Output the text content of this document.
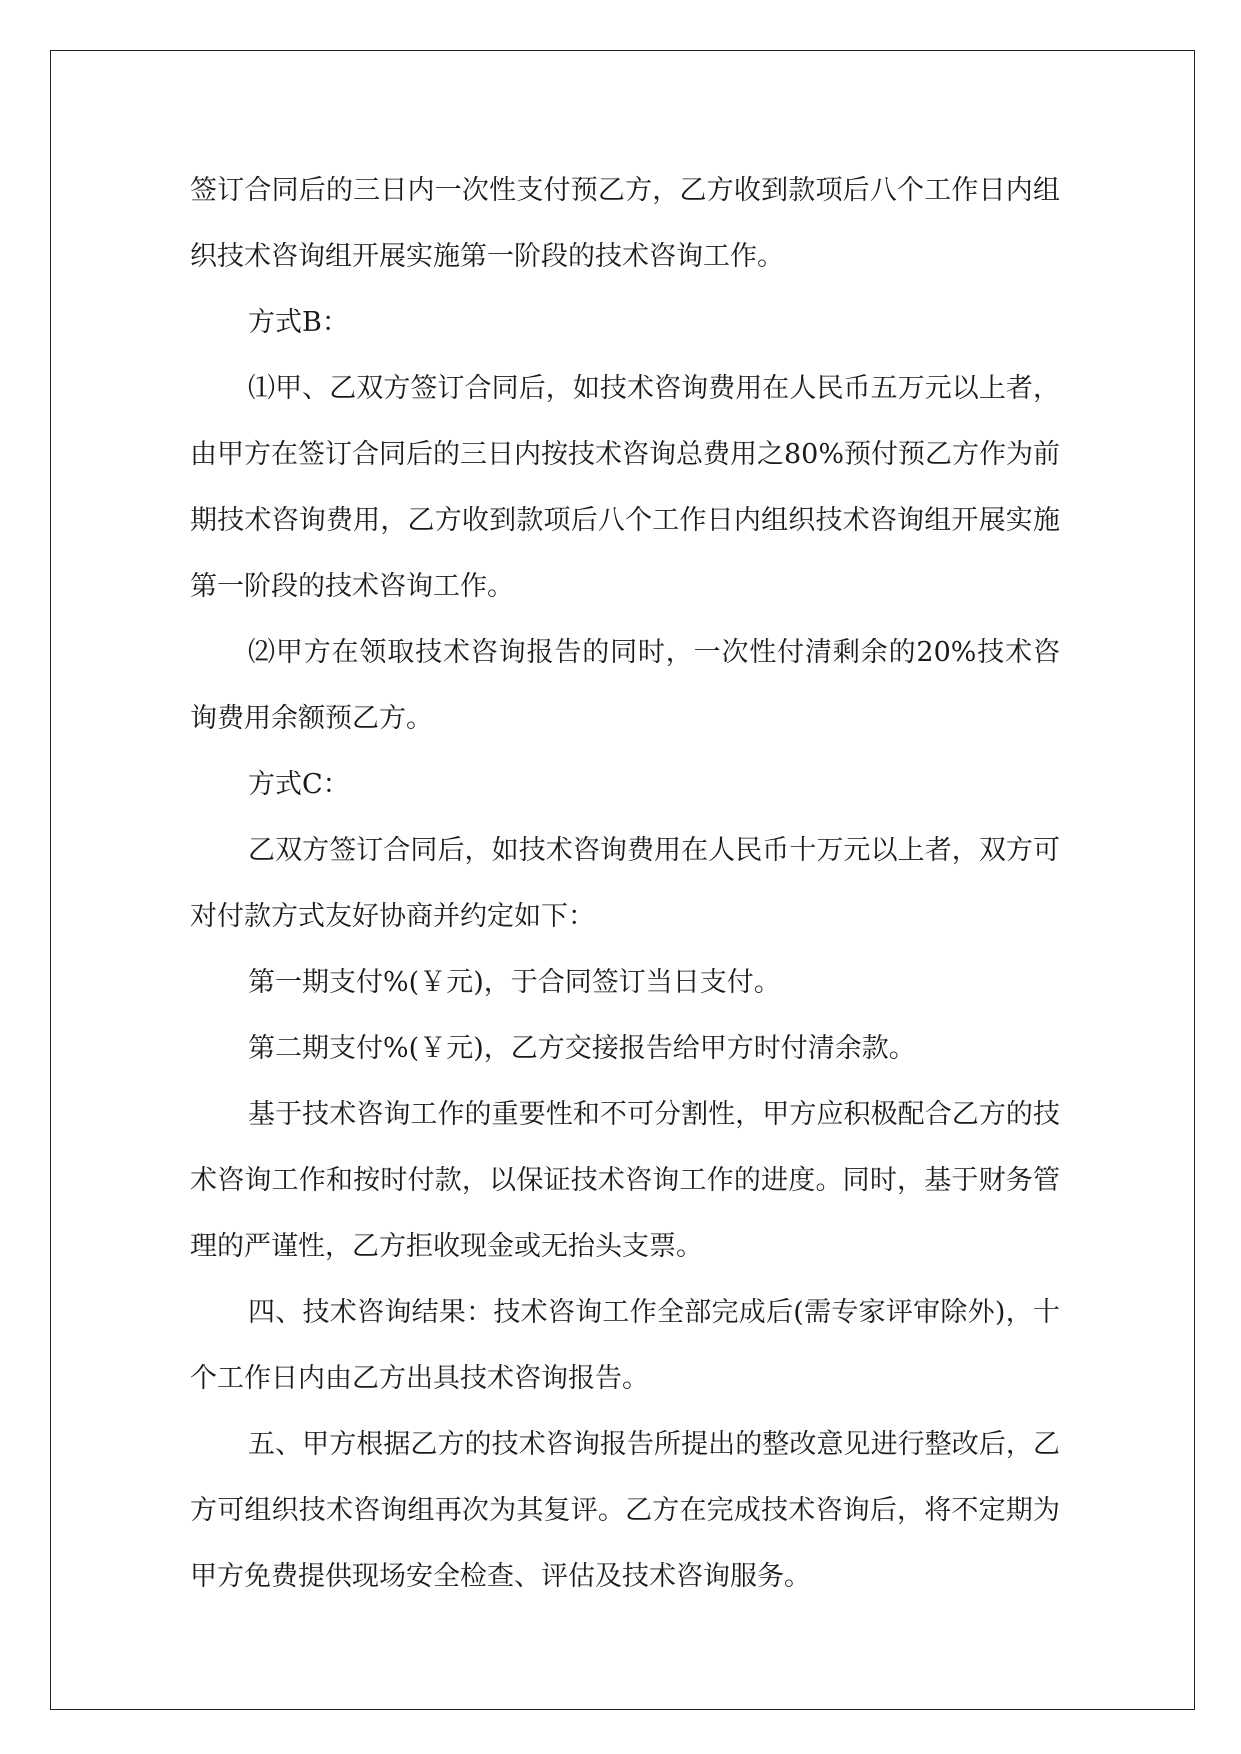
签订合同后的三日内一次性支付预乙方，乙方收到款项后八个工作日内组织技术咨询组开展实施第一阶段的技术咨询工作。

方式B：

⑴甲、乙双方签订合同后，如技术咨询费用在人民币五万元以上者，由甲方在签订合同后的三日内按技术咨询总费用之80%预付预乙方作为前期技术咨询费用，乙方收到款项后八个工作日内组织技术咨询组开展实施第一阶段的技术咨询工作。

⑵甲方在领取技术咨询报告的同时，一次性付清剩余的20%技术咨询费用余额预乙方。

方式C：

乙双方签订合同后，如技术咨询费用在人民币十万元以上者，双方可对付款方式友好协商并约定如下：

第一期支付%(￥元)，于合同签订当日支付。

第二期支付%(￥元)，乙方交接报告给甲方时付清余款。

基于技术咨询工作的重要性和不可分割性，甲方应积极配合乙方的技术咨询工作和按时付款，以保证技术咨询工作的进度。同时，基于财务管理的严谨性，乙方拒收现金或无抬头支票。

四、技术咨询结果：技术咨询工作全部完成后(需专家评审除外)，十个工作日内由乙方出具技术咨询报告。

五、甲方根据乙方的技术咨询报告所提出的整改意见进行整改后，乙方可组织技术咨询组再次为其复评。乙方在完成技术咨询后，将不定期为甲方免费提供现场安全检查、评估及技术咨询服务。
